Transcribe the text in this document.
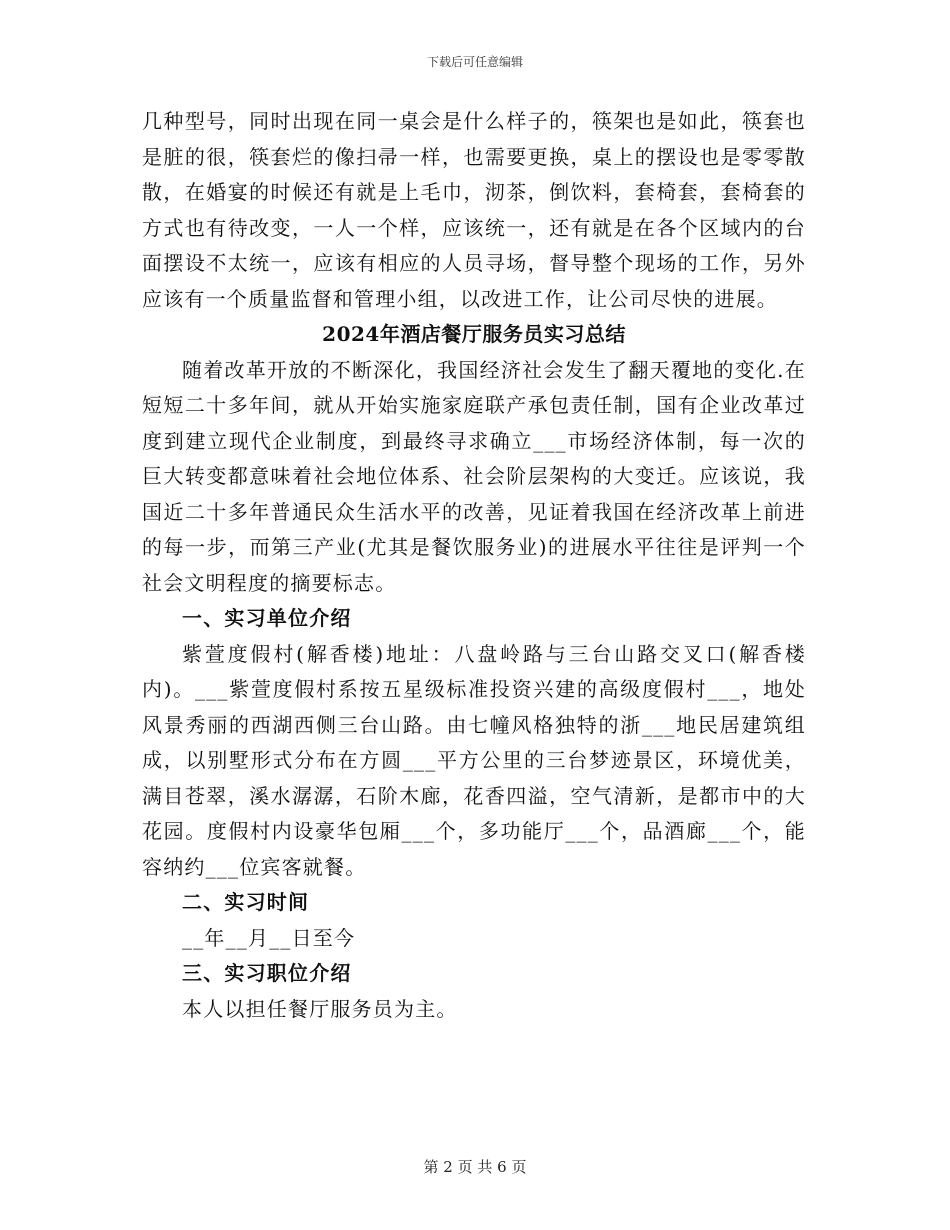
下载后可任意编辑

几种型号，同时出现在同一桌会是什么样子的，筷架也是如此，筷套也是脏的很，筷套烂的像扫帚一样，也需要更换，桌上的摆设也是零零散散，在婚宴的时候还有就是上毛巾，沏茶，倒饮料，套椅套，套椅套的方式也有待改变，一人一个样，应该统一，还有就是在各个区域内的台面摆设不太统一，应该有相应的人员寻场，督导整个现场的工作，另外应该有一个质量监督和管理小组，以改进工作，让公司尽快的进展。

2024年酒店餐厅服务员实习总结

随着改革开放的不断深化，我国经济社会发生了翻天覆地的变化.在短短二十多年间，就从开始实施家庭联产承包责任制，国有企业改革过度到建立现代企业制度，到最终寻求确立___市场经济体制，每一次的巨大转变都意味着社会地位体系、社会阶层架构的大变迁。应该说，我国近二十多年普通民众生活水平的改善，见证着我国在经济改革上前进的每一步，而第三产业(尤其是餐饮服务业)的进展水平往往是评判一个社会文明程度的摘要标志。

一、实习单位介绍

紫萱度假村(解香楼)地址：八盘岭路与三台山路交叉口(解香楼内)。___紫萱度假村系按五星级标准投资兴建的高级度假村___，地处风景秀丽的西湖西侧三台山路。由七幢风格独特的浙___地民居建筑组成，以别墅形式分布在方圆___平方公里的三台梦迹景区，环境优美，满目苍翠，溪水潺潺，石阶木廊，花香四溢，空气清新，是都市中的大花园。度假村内设豪华包厢___个，多功能厅___个，品酒廊___个，能容纳约___位宾客就餐。

二、实习时间

__年__月__日至今

三、实习职位介绍

本人以担任餐厅服务员为主。

第 2 页 共 6 页
